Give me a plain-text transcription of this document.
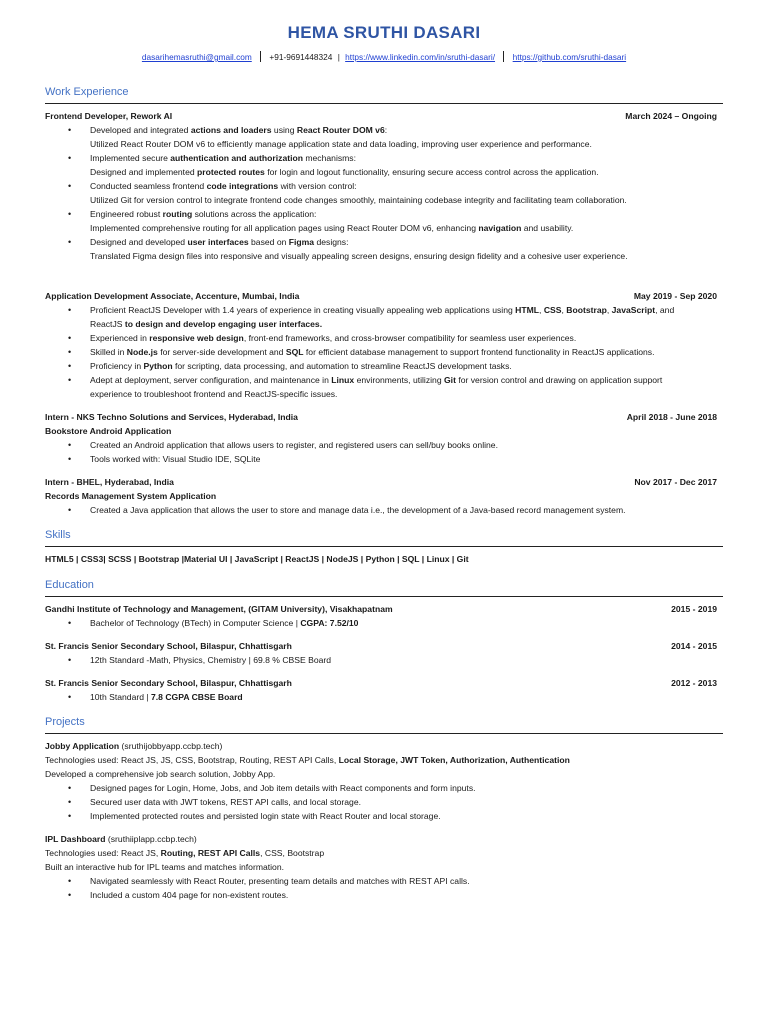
HEMA SRUTHI DASARI
dasarihemasruthi@gmail.com +91-9691448324 | https://www.linkedin.com/in/sruthi-dasari/ https://github.com/sruthi-dasari
Work Experience
Frontend Developer, Rework AI	March 2024 – Ongoing
• Developed and integrated actions and loaders using React Router DOM v6:
Utilized React Router DOM v6 to efficiently manage application state and data loading, improving user experience and performance.
• Implemented secure authentication and authorization mechanisms:
Designed and implemented protected routes for login and logout functionality, ensuring secure access control across the application.
• Conducted seamless frontend code integrations with version control:
Utilized Git for version control to integrate frontend code changes smoothly, maintaining codebase integrity and facilitating team collaboration.
• Engineered robust routing solutions across the application:
Implemented comprehensive routing for all application pages using React Router DOM v6, enhancing navigation and usability.
• Designed and developed user interfaces based on Figma designs:
Translated Figma design files into responsive and visually appealing screen designs, ensuring design fidelity and a cohesive user experience.
Application Development Associate, Accenture, Mumbai, India	May 2019 - Sep 2020
• Proficient ReactJS Developer with 1.4 years of experience in creating visually appealing web applications using HTML, CSS, Bootstrap, JavaScript, and
ReactJS to design and develop engaging user interfaces.
• Experienced in responsive web design, front-end frameworks, and cross-browser compatibility for seamless user experiences.
• Skilled in Node.js for server-side development and SQL for efficient database management to support frontend functionality in ReactJS applications.
• Proficiency in Python for scripting, data processing, and automation to streamline ReactJS development tasks.
• Adept at deployment, server configuration, and maintenance in Linux environments, utilizing Git for version control and drawing on application support
experience to troubleshoot frontend and ReactJS-specific issues.
Intern - NKS Techno Solutions and Services, Hyderabad, India	April 2018 - June 2018
Bookstore Android Application
• Created an Android application that allows users to register, and registered users can sell/buy books online.
• Tools worked with: Visual Studio IDE, SQLite
Intern - BHEL, Hyderabad, India	Nov 2017 - Dec 2017
Records Management System Application
• Created a Java application that allows the user to store and manage data i.e., the development of a Java-based record management system.
Skills
HTML5 | CSS3| SCSS | Bootstrap |Material UI | JavaScript | ReactJS | NodeJS | Python | SQL | Linux | Git
Education
Gandhi Institute of Technology and Management, (GITAM University), Visakhapatnam	2015 - 2019
• Bachelor of Technology (BTech) in Computer Science | CGPA: 7.52/10
St. Francis Senior Secondary School, Bilaspur, Chhattisgarh	2014 - 2015
• 12th Standard -Math, Physics, Chemistry | 69.8 % CBSE Board
St. Francis Senior Secondary School, Bilaspur, Chhattisgarh	2012 - 2013
• 10th Standard | 7.8 CGPA CBSE Board
Projects
Jobby Application (sruthijobbyapp.ccbp.tech)
Technologies used: React JS, JS, CSS, Bootstrap, Routing, REST API Calls, Local Storage, JWT Token, Authorization, Authentication
Developed a comprehensive job search solution, Jobby App.
• Designed pages for Login, Home, Jobs, and Job item details with React components and form inputs.
• Secured user data with JWT tokens, REST API calls, and local storage.
• Implemented protected routes and persisted login state with React Router and local storage.
IPL Dashboard (sruthiiplapp.ccbp.tech)
Technologies used: React JS, Routing, REST API Calls, CSS, Bootstrap
Built an interactive hub for IPL teams and matches information.
• Navigated seamlessly with React Router, presenting team details and matches with REST API calls.
• Included a custom 404 page for non-existent routes.
